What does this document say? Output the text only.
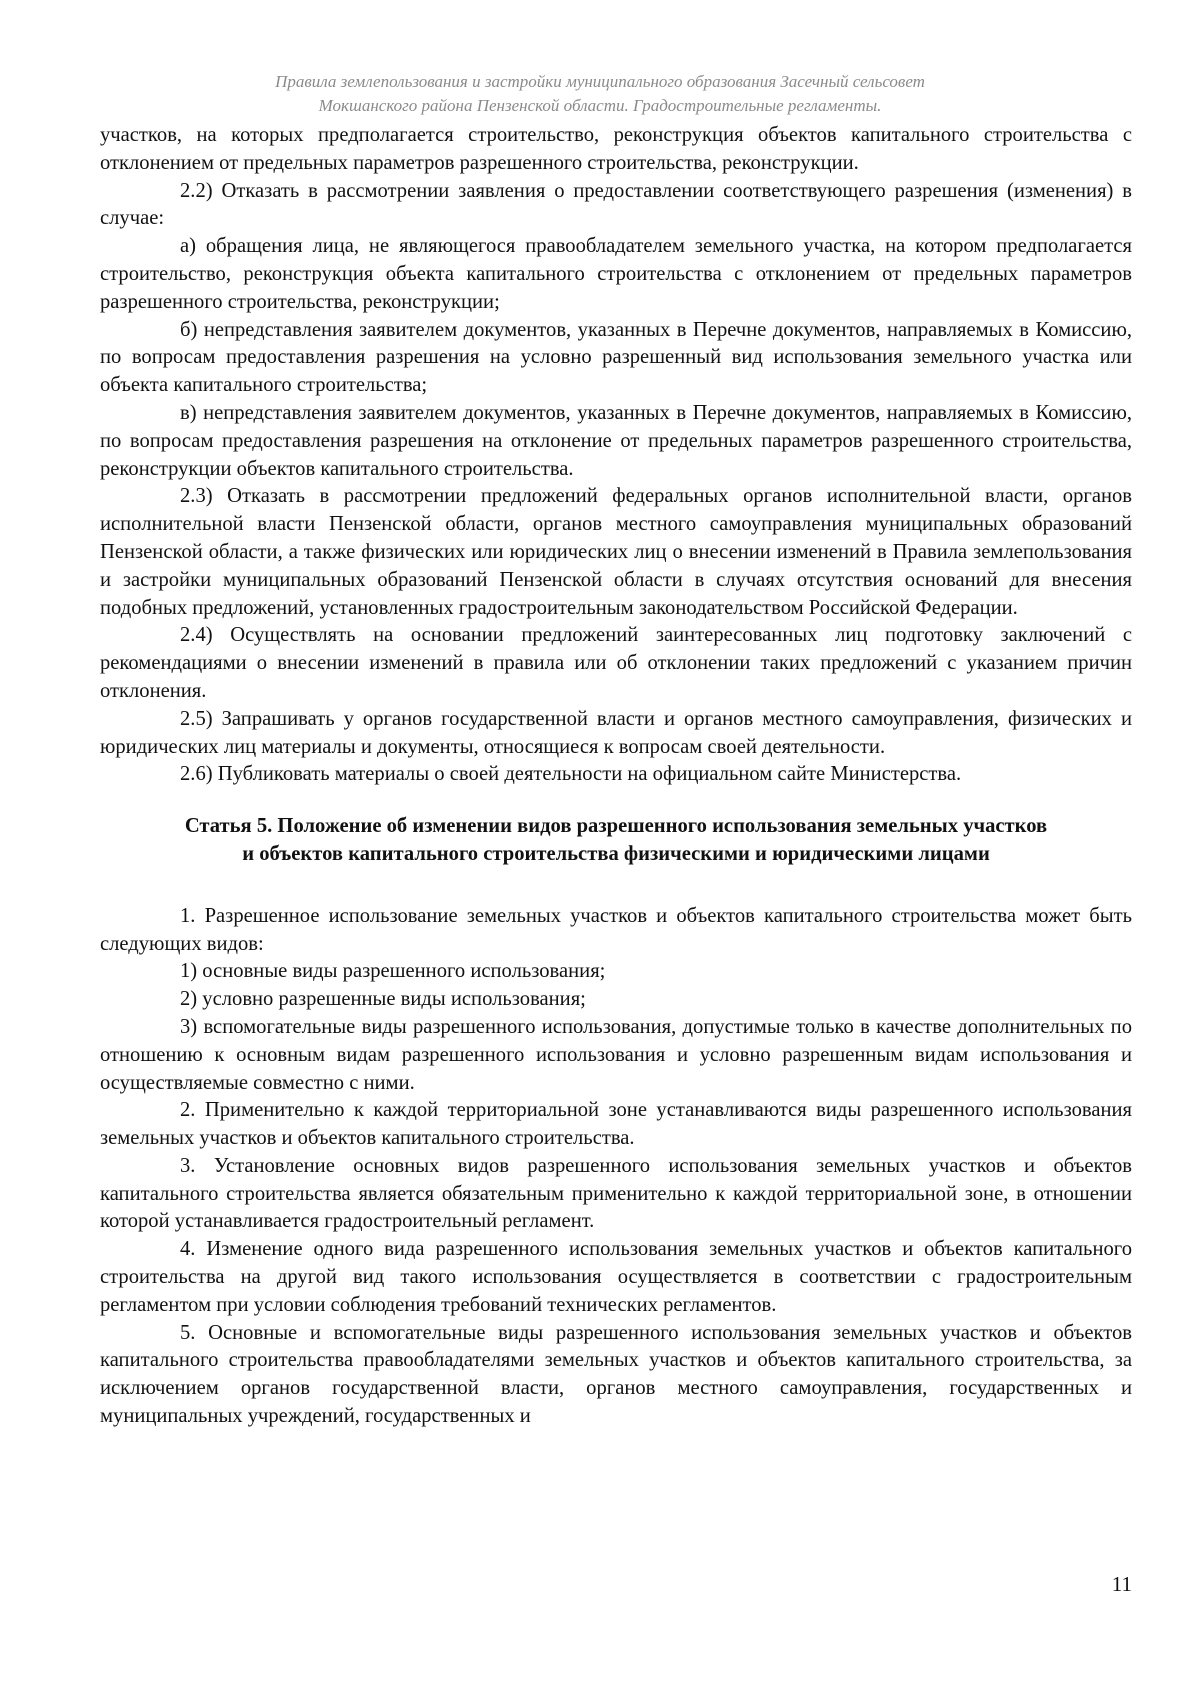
Правила землепользования и застройки муниципального образования Засечный сельсовет
Мокшанского района Пензенской области. Градостроительные регламенты.

участков, на которых предполагается строительство, реконструкция объектов капитального строительства с отклонением от предельных параметров разрешенного строительства, реконструкции.

2.2) Отказать в рассмотрении заявления о предоставлении соответствующего разрешения (изменения) в случае:

а) обращения лица, не являющегося правообладателем земельного участка, на котором предполагается строительство, реконструкция объекта капитального строительства с отклонением от предельных параметров разрешенного строительства, реконструкции;

б) непредставления заявителем документов, указанных в Перечне документов, направляемых в Комиссию, по вопросам предоставления разрешения на условно разрешенный вид использования земельного участка или объекта капитального строительства;

в) непредставления заявителем документов, указанных в Перечне документов, направляемых в Комиссию, по вопросам предоставления разрешения на отклонение от предельных параметров разрешенного строительства, реконструкции объектов капитального строительства.

2.3) Отказать в рассмотрении предложений федеральных органов исполнительной власти, органов исполнительной власти Пензенской области, органов местного самоуправления муниципальных образований Пензенской области, а также физических или юридических лиц о внесении изменений в Правила землепользования и застройки муниципальных образований Пензенской области в случаях отсутствия оснований для внесения подобных предложений, установленных градостроительным законодательством Российской Федерации.

2.4) Осуществлять на основании предложений заинтересованных лиц подготовку заключений с рекомендациями о внесении изменений в правила или об отклонении таких предложений с указанием причин отклонения.

2.5) Запрашивать у органов государственной власти и органов местного самоуправления, физических и юридических лиц материалы и документы, относящиеся к вопросам своей деятельности.

2.6) Публиковать материалы о своей деятельности на официальном сайте Министерства.

Статья 5. Положение об изменении видов разрешенного использования земельных участков
и объектов капитального строительства физическими и юридическими лицами

1. Разрешенное использование земельных участков и объектов капитального строительства может быть следующих видов:

1) основные виды разрешенного использования;

2) условно разрешенные виды использования;

3) вспомогательные виды разрешенного использования, допустимые только в качестве дополнительных по отношению к основным видам разрешенного использования и условно разрешенным видам использования и осуществляемые совместно с ними.

2. Применительно к каждой территориальной зоне устанавливаются виды разрешенного использования земельных участков и объектов капитального строительства.

3. Установление основных видов разрешенного использования земельных участков и объектов капитального строительства является обязательным применительно к каждой территориальной зоне, в отношении которой устанавливается градостроительный регламент.

4. Изменение одного вида разрешенного использования земельных участков и объектов капитального строительства на другой вид такого использования осуществляется в соответствии с градостроительным регламентом при условии соблюдения требований технических регламентов.

5. Основные и вспомогательные виды разрешенного использования земельных участков и объектов капитального строительства правообладателями земельных участков и объектов капитального строительства, за исключением органов государственной власти, органов местного самоуправления, государственных и муниципальных учреждений, государственных и

11
